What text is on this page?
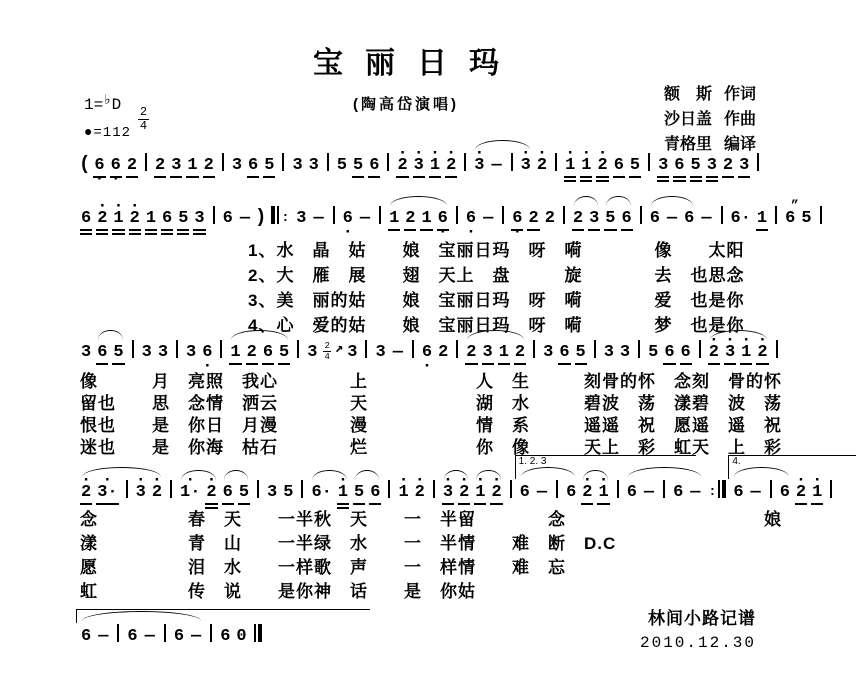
1=♭D
$\frac{2}{4}$
●=112
宝丽日玛
(陶高岱演唱)
额　斯 作词
沙日盖 作曲
青格里 编译
( 6 · 6 · 2 2 3 1 2 3 6 5 3 3 5 5 6 · 2 · 3 · 1 · 2 · 3 — · 3 · 2 · 1 · 1 · 2 6 5 3 6 5 3 2 3
6 · 2 · 1 · 2 1 6 5 3 6 — ) : 3 — 6 · — 1 2 1 6 · 6 · — 6 · 2 2 2 3 5 6 6 — 6 — 6· 1 ” 6 5
1、水　晶　姑　　娘　宝丽日玛　呀　嗬　　　　像　　太阳
2、大　雁　展　　翅　天上　盘　　　旋　　　　去　也思念
3、美　丽的姑　　娘　宝丽日玛　呀　嗬　　　　爱　也是你
4、心　爱的姑　　娘　宝丽日玛　呀　嗬　　　　梦　也是你
3 6 5 3 3 3 6 · 1 2 6 5 $3 \frac{2}{4} ^↗$ 3 3 — 6 · 2 2 3 1 2 3 6 5 3 3 5 6 6 · 2 · 3 · 1 · 2
像　　　月　亮照　我心　　　　上　　　　　　人　生　　　刻骨的怀　念刻　骨的怀
留也　　思　念情　洒云　　　　天　　　　　　湖　水　　　碧波　荡　漾碧　波　荡
恨也　　是　你日　月漫　　　　漫　　　　　　情　系　　　遥遥　祝　愿遥　遥　祝
迷也　　是　你海　枯石　　　　烂　　　　　　你　像　　　天上　彩　虹天　上　彩
· 2 · 3· · 3 · 2 · 1· · 2 6 5 3 5 6· · 1 5 6 · 1 · 2 · 3 · 2 · 1 · 2
1. 2. 3
6 — 6 · 2 · 1 6 — 6 — :
4.
6 — 6 · 2 · 1
念　　　　　春　天　　一半秋　天　　一　半留　　　　念　　　　　　　　　　　娘
漾　　　　　青　山　　一半绿　水　　一　半情　　难　断　D.C
愿　　　　　泪　水　　一样歌　声　　一　样情　　难　忘
虹　　　　　传　说　　是你神　话　　是　你姑
6 — 6 — 6 — 6 0
林间小路记谱
2010.12.30
